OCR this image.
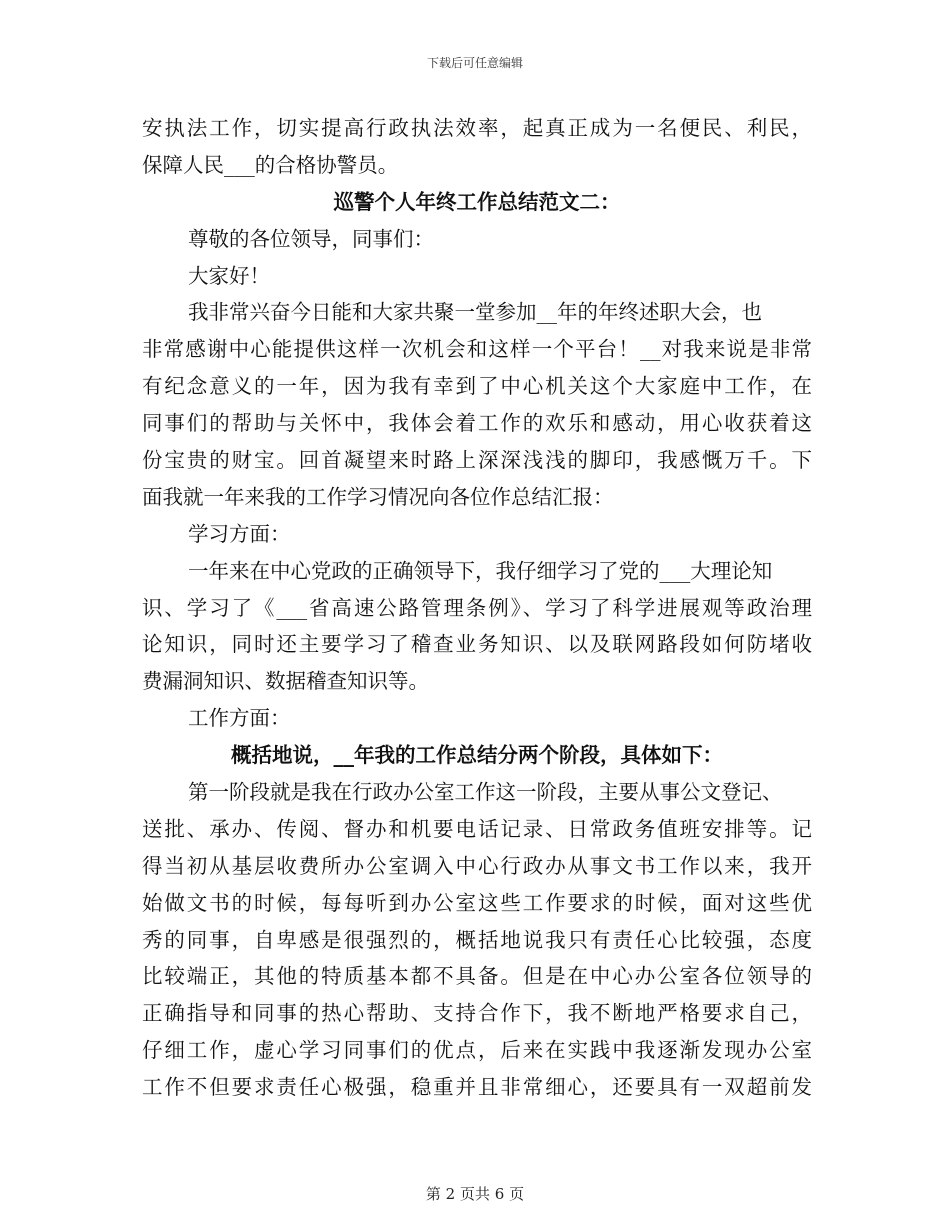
下载后可任意编辑
安执法工作，切实提高行政执法效率，起真正成为一名便民、利民，
保障人民___的合格协警员。
巡警个人年终工作总结范文二：
尊敬的各位领导，同事们：
大家好！
我非常兴奋今日能和大家共聚一堂参加__年的年终述职大会，也
非常感谢中心能提供这样一次机会和这样一个平台！__对我来说是非常
有纪念意义的一年，因为我有幸到了中心机关这个大家庭中工作，在
同事们的帮助与关怀中，我体会着工作的欢乐和感动，用心收获着这
份宝贵的财宝。回首凝望来时路上深深浅浅的脚印，我感慨万千。下
面我就一年来我的工作学习情况向各位作总结汇报：
学习方面：
一年来在中心党政的正确领导下，我仔细学习了党的___大理论知
识、学习了《___省高速公路管理条例》、学习了科学进展观等政治理
论知识，同时还主要学习了稽查业务知识、以及联网路段如何防堵收
费漏洞知识、数据稽查知识等。
工作方面：
概括地说，__年我的工作总结分两个阶段，具体如下：
第一阶段就是我在行政办公室工作这一阶段，主要从事公文登记、
送批、承办、传阅、督办和机要电话记录、日常政务值班安排等。记
得当初从基层收费所办公室调入中心行政办从事文书工作以来，我开
始做文书的时候，每每听到办公室这些工作要求的时候，面对这些优
秀的同事，自卑感是很强烈的，概括地说我只有责任心比较强，态度
比较端正，其他的特质基本都不具备。但是在中心办公室各位领导的
正确指导和同事的热心帮助、支持合作下，我不断地严格要求自己，
仔细工作，虚心学习同事们的优点，后来在实践中我逐渐发现办公室
工作不但要求责任心极强，稳重并且非常细心，还要具有一双超前发
第 2 页共 6 页
